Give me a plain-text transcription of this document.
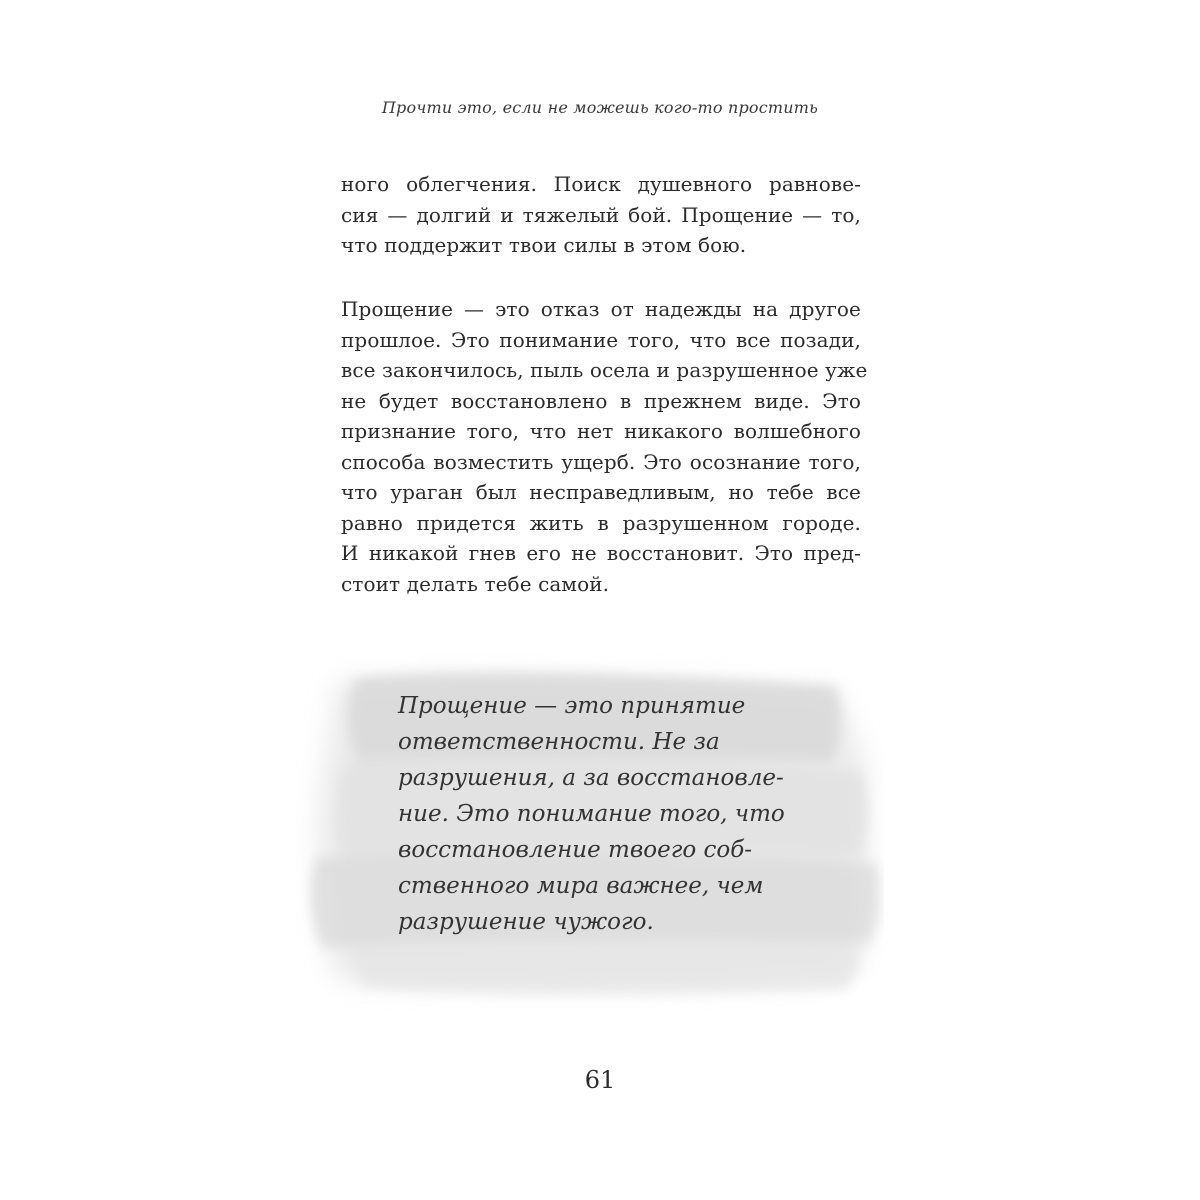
Прочти это, если не можешь кого-то простить
ного облегчения. Поиск душевного равнове-
сия — долгий и тяжелый бой. Прощение — то,
что поддержит твои силы в этом бою.
Прощение — это отказ от надежды на другое
прошлое. Это понимание того, что все позади,
все закончилось, пыль осела и разрушенное уже
не будет восстановлено в прежнем виде. Это
признание того, что нет никакого волшебного
способа возместить ущерб. Это осознание того,
что ураган был несправедливым, но тебе все
равно придется жить в разрушенном городе.
И никакой гнев его не восстановит. Это пред-
стоит делать тебе самой.
Прощение — это принятие
ответственности. Не за
разрушения, а за восстановле-
ние. Это понимание того, что
восстановление твоего соб-
ственного мира важнее, чем
разрушение чужого.
61
